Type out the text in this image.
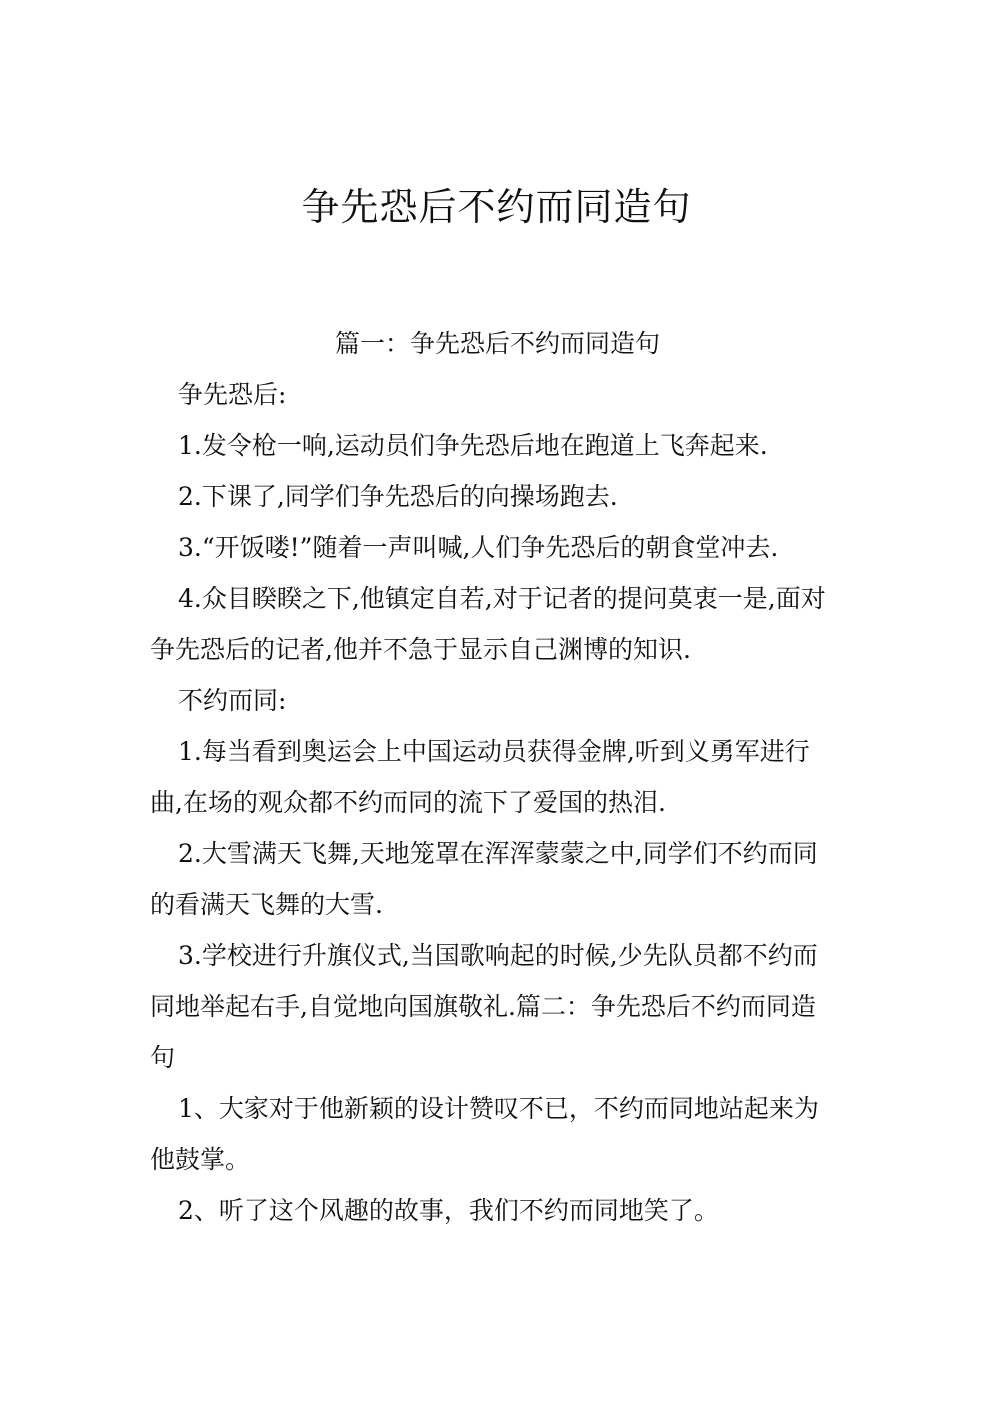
争先恐后不约而同造句

篇一：争先恐后不约而同造句

争先恐后:

1.发令枪一响,运动员们争先恐后地在跑道上飞奔起来.

2.下课了,同学们争先恐后的向操场跑去.

3.“开饭喽!”随着一声叫喊,人们争先恐后的朝食堂冲去.

4.众目睽睽之下,他镇定自若,对于记者的提问莫衷一是,面对争先恐后的记者,他并不急于显示自己渊博的知识.

不约而同:

1.每当看到奥运会上中国运动员获得金牌,听到义勇军进行曲,在场的观众都不约而同的流下了爱国的热泪.

2.大雪满天飞舞,天地笼罩在浑浑蒙蒙之中,同学们不约而同的看满天飞舞的大雪.

3.学校进行升旗仪式,当国歌响起的时候,少先队员都不约而同地举起右手,自觉地向国旗敬礼.篇二：争先恐后不约而同造句

1、大家对于他新颖的设计赞叹不已，不约而同地站起来为他鼓掌。

2、听了这个风趣的故事，我们不约而同地笑了。
